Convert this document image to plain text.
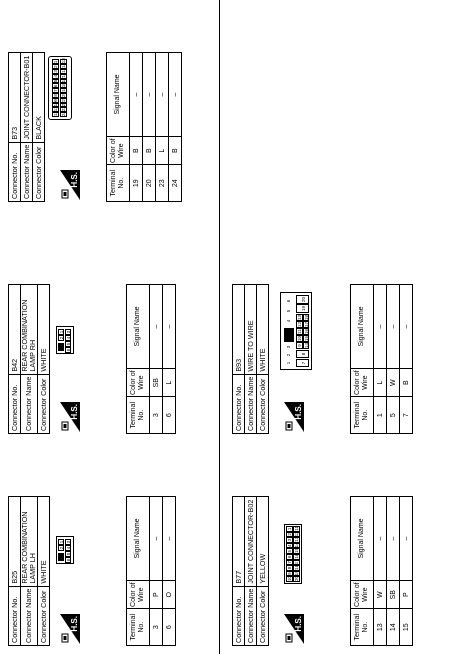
Connector No.	B25
Connector Name	REAR COMBINATION LAMP LH
Connector Color	WHITE
H.S.
2
1
6
5
4
3
Terminal No.	Color of Wire	Signal Name
3	P	–
6	O	–
Connector No.	B42
Connector Name	REAR COMBINATION LAMP RH
Connector Color	WHITE
H.S.
2
1
6
5
4
3
Terminal No.	Color of Wire	Signal Name
3	SB	–
6	L	–
Connector No.	B73
Connector Name	JOINT CONNECTOR-B01
Connector Color	BLACK
H.S.
12
11
10
9
8
7
6
5
4
3
2
1
24
23
22
21
20
19
18
17
16
15
14
13
Terminal No.	Color of Wire	Signal Name
19	B	–
20	B	–
23	L	–
24	B	–
Connector No.	B77
Connector Name	JOINT CONNECTOR-B02
Connector Color	YELLOW
H.S.
10
9
8
7
6
5
4
3
2
1
20
19
18
17
16
15
14
13
12
11
Terminal No.	Color of Wire	Signal Name
13	W	–
14	SB	–
15	P	–
Connector No.	B93
Connector Name	WIRE TO WIRE
Connector Color	WHITE
H.S.
1
2
3
4
5
6
7
8
9
10
11
12
13
14
15
16
17
18
19
20
Terminal No.	Color of Wire	Signal Name
1	L	–
5	W	–
7	B	–
